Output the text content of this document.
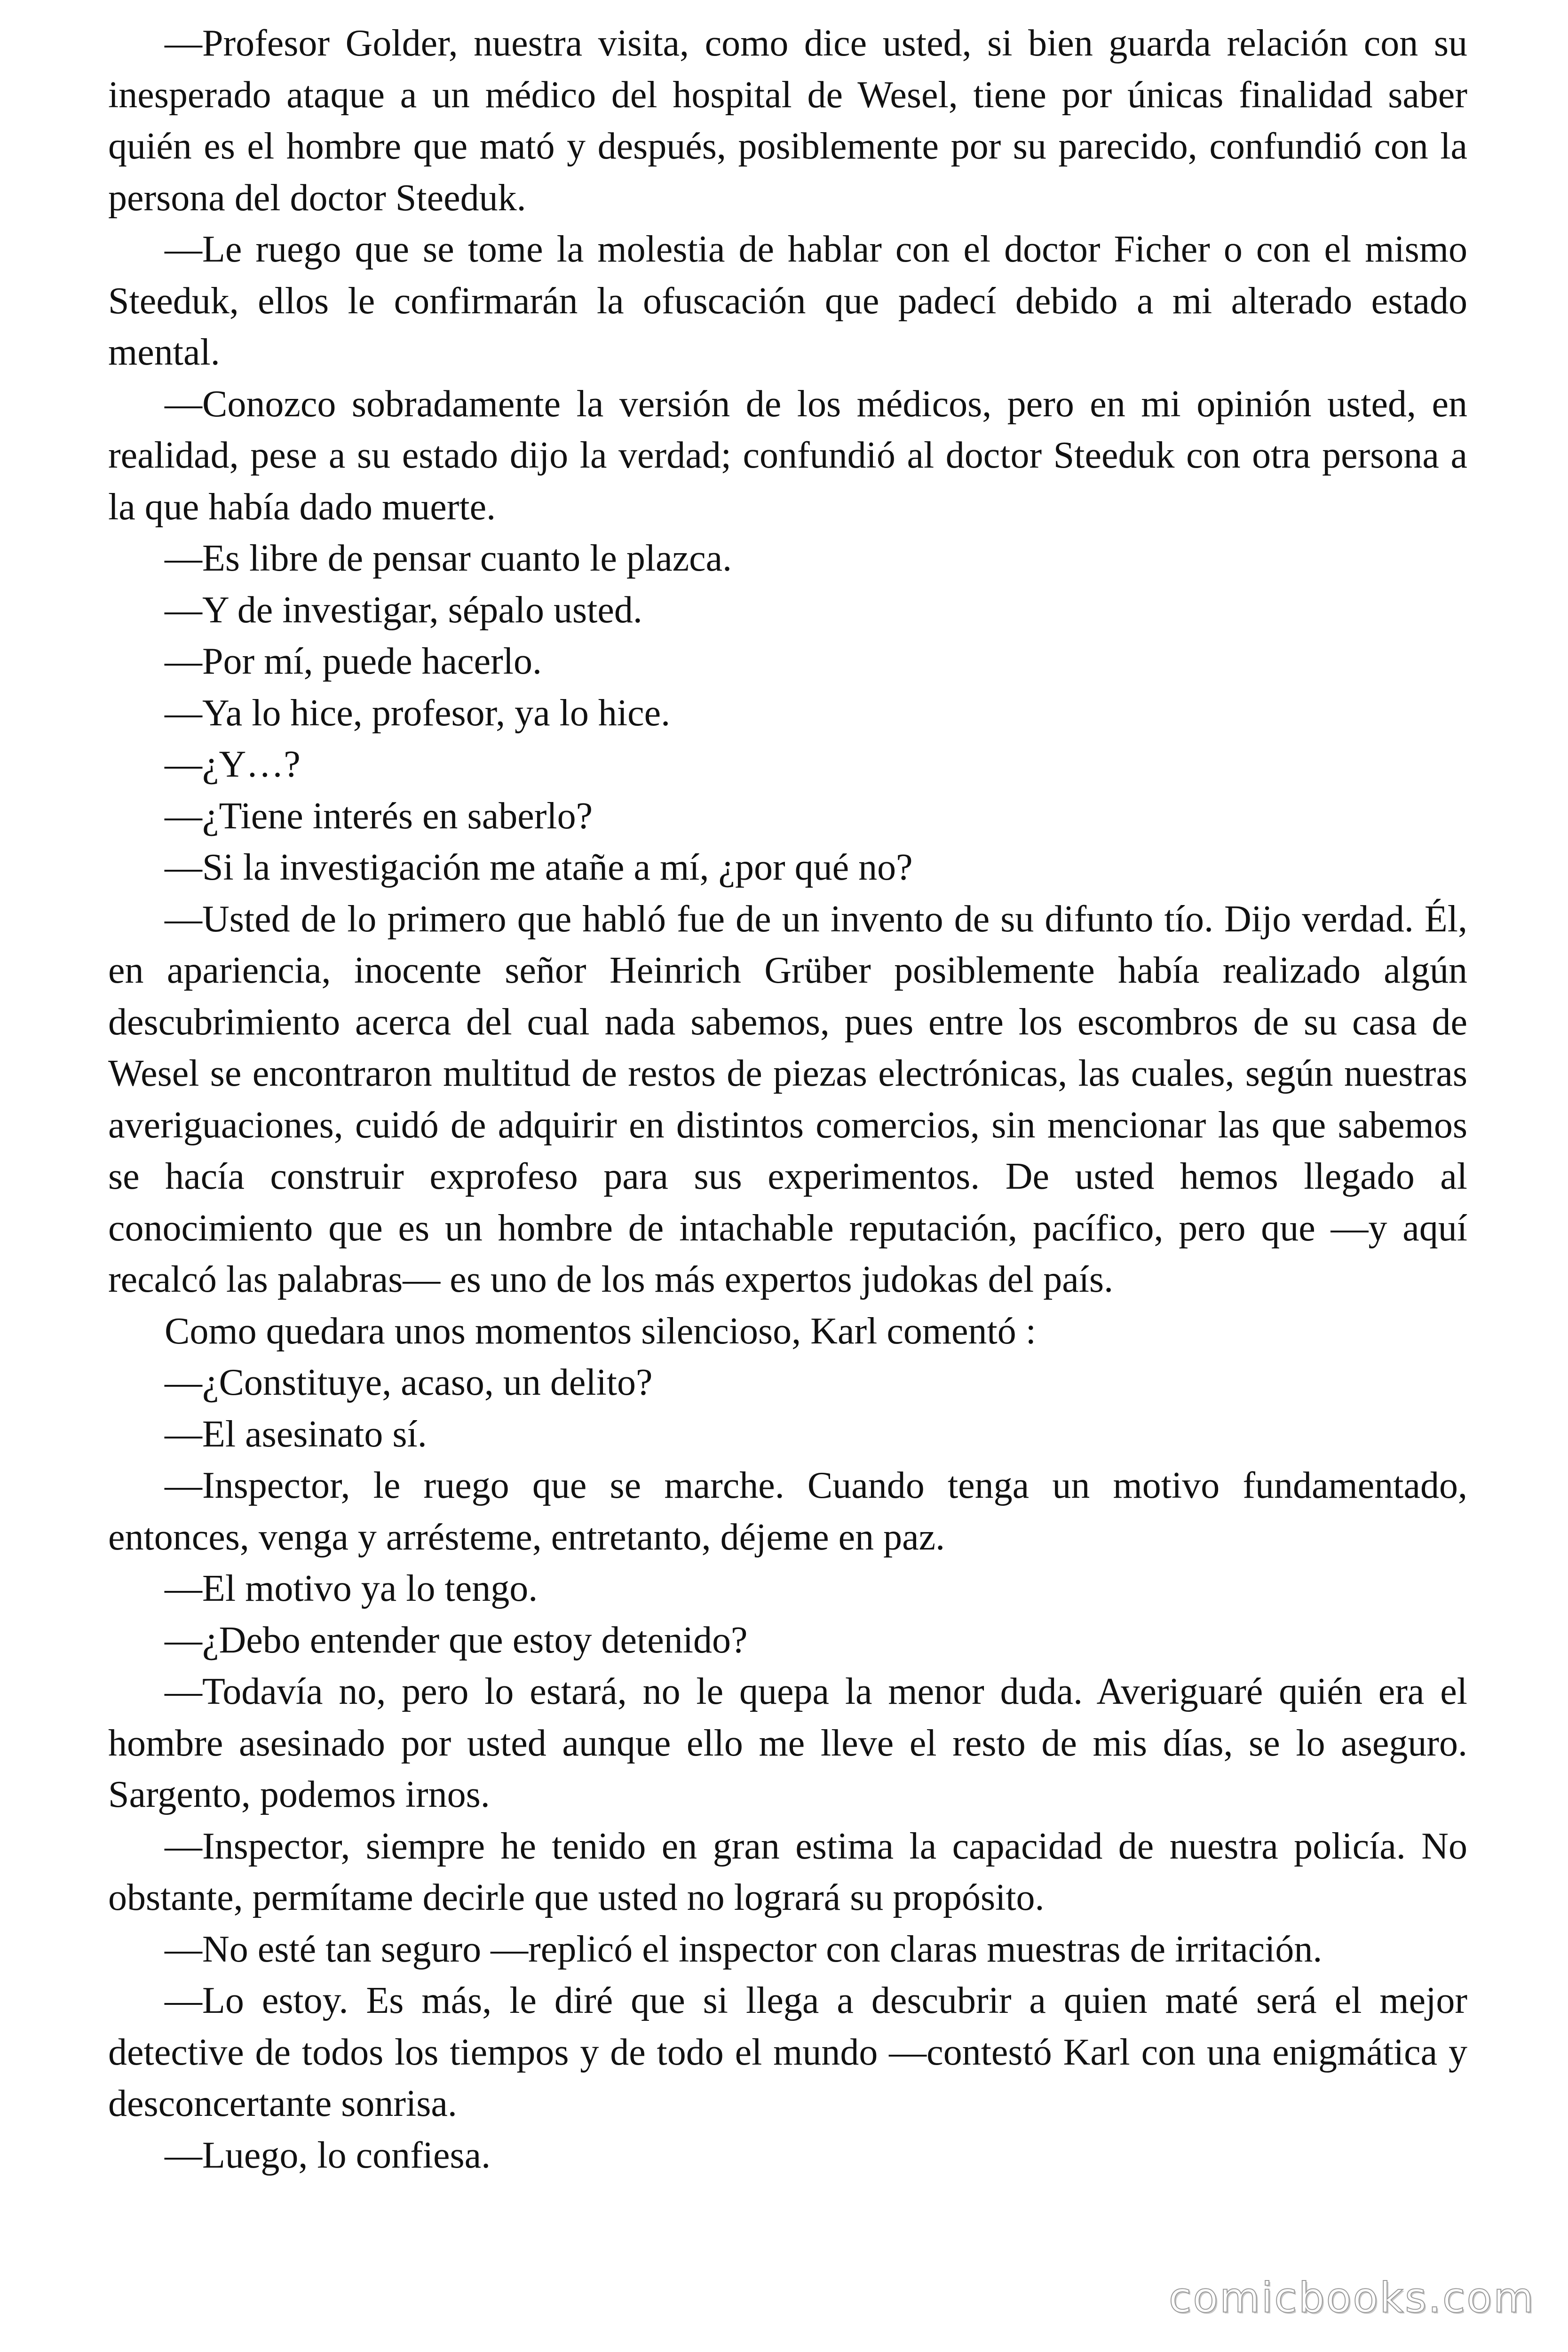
—Profesor Golder, nuestra visita, como dice usted, si bien guarda relación con su inesperado ataque a un médico del hospital de Wesel, tiene por únicas finalidad saber quién es el hombre que mató y después, posiblemente por su parecido, confundió con la persona del doctor Steeduk.

—Le ruego que se tome la molestia de hablar con el doctor Ficher o con el mismo Steeduk, ellos le confirmarán la ofuscación que padecí debido a mi alterado estado mental.

—Conozco sobradamente la versión de los médicos, pero en mi opinión usted, en realidad, pese a su estado dijo la verdad; confundió al doctor Steeduk con otra persona a la que había dado muerte.

—Es libre de pensar cuanto le plazca.

—Y de investigar, sépalo usted.

—Por mí, puede hacerlo.

—Ya lo hice, profesor, ya lo hice.

—¿Y…?

—¿Tiene interés en saberlo?

—Si la investigación me atañe a mí, ¿por qué no?

—Usted de lo primero que habló fue de un invento de su difunto tío. Dijo verdad. Él, en apariencia, inocente señor Heinrich Grüber posiblemente había realizado algún descubrimiento acerca del cual nada sabemos, pues entre los escombros de su casa de Wesel se encontraron multitud de restos de piezas electrónicas, las cuales, según nuestras averiguaciones, cuidó de adquirir en distintos comercios, sin mencionar las que sabemos se hacía construir exprofeso para sus experimentos. De usted hemos llegado al conocimiento que es un hombre de intachable reputación, pacífico, pero que —y aquí recalcó las palabras— es uno de los más expertos judokas del país.

Como quedara unos momentos silencioso, Karl comentó :

—¿Constituye, acaso, un delito?

—El asesinato sí.

—Inspector, le ruego que se marche. Cuando tenga un motivo fundamentado, entonces, venga y arrésteme, entretanto, déjeme en paz.

—El motivo ya lo tengo.

—¿Debo entender que estoy detenido?

—Todavía no, pero lo estará, no le quepa la menor duda. Averiguaré quién era el hombre asesinado por usted aunque ello me lleve el resto de mis días, se lo aseguro. Sargento, podemos irnos.

—Inspector, siempre he tenido en gran estima la capacidad de nuestra policía. No obstante, permítame decirle que usted no logrará su propósito.

—No esté tan seguro —replicó el inspector con claras muestras de irritación.

—Lo estoy. Es más, le diré que si llega a descubrir a quien maté será el mejor detective de todos los tiempos y de todo el mundo —contestó Karl con una enigmática y desconcertante sonrisa.

—Luego, lo confiesa.

comicbooks.com
